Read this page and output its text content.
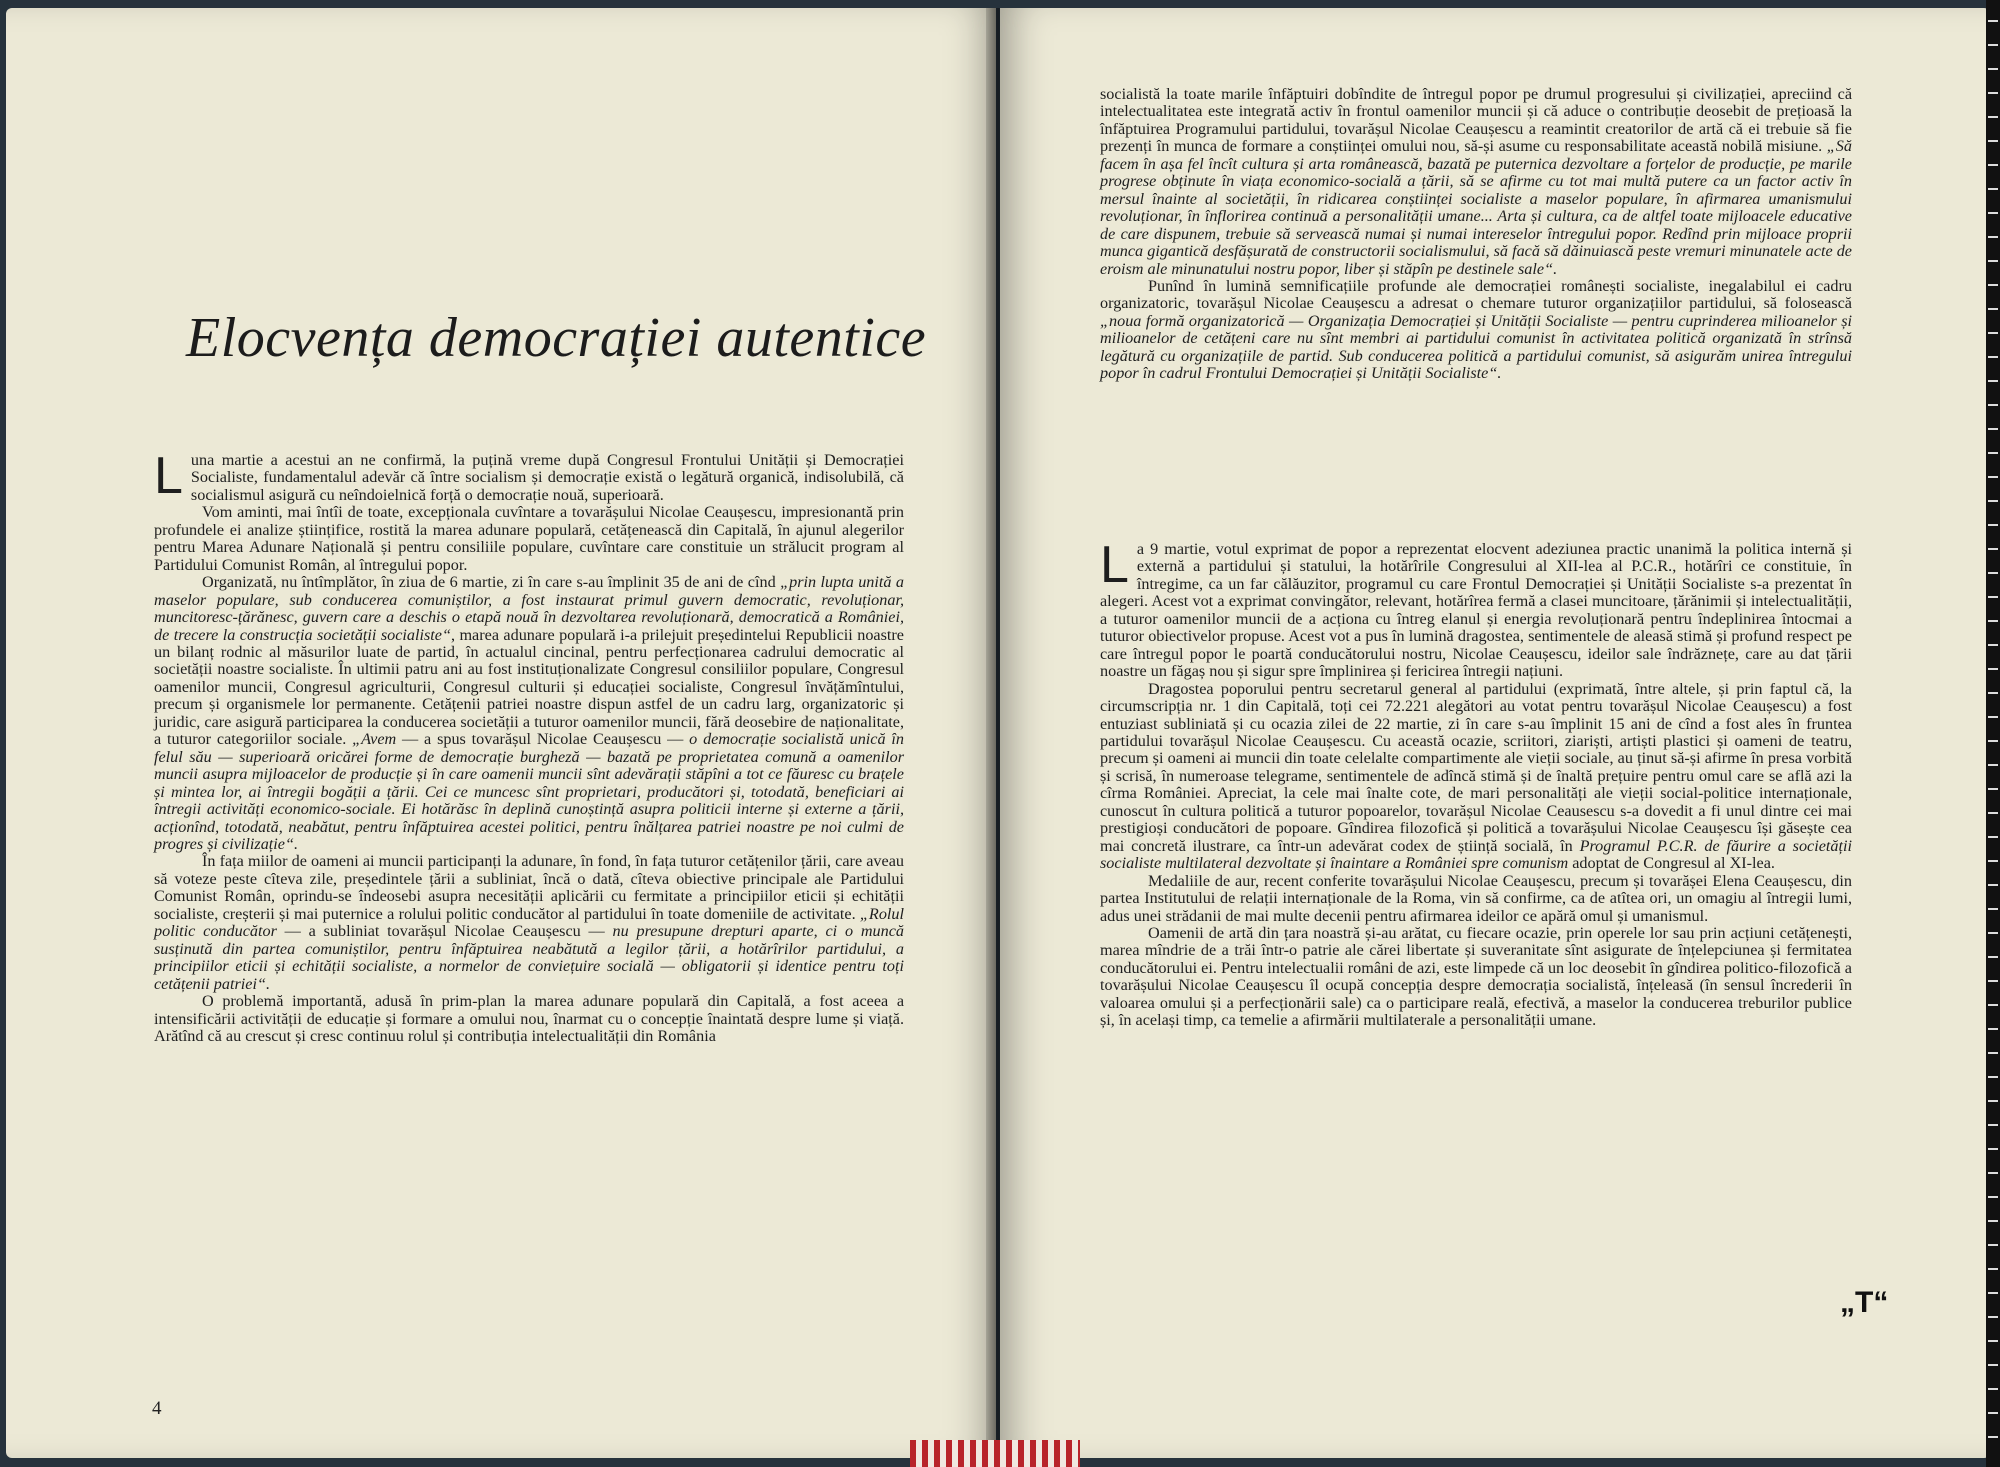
Elocvența democrației autentice

Luna martie a acestui an ne confirmă, la puțină vreme după Congresul Frontului Unității și Democrației Socialiste, fundamentalul adevăr că între socialism și democrație există o legătură organică, indisolubilă, că socialismul asigură cu neîndoielnică forță o democrație nouă, superioară.

Vom aminti, mai întîi de toate, excepționala cuvîntare a tovarășului Nicolae Ceaușescu, impresionantă prin profundele ei analize științifice, rostită la marea adunare populară, cetățenească din Capitală, în ajunul alegerilor pentru Marea Adunare Națională și pentru consiliile populare, cuvîntare care constituie un strălucit program al Partidului Comunist Român, al întregului popor.

Organizată, nu întîmplător, în ziua de 6 martie, zi în care s-au împlinit 35 de ani de cînd „prin lupta unită a maselor populare, sub conducerea comuniștilor, a fost instaurat primul guvern democratic, revoluționar, muncitoresc-țărănesc, guvern care a deschis o etapă nouă în dezvoltarea revoluționară, democratică a României, de trecere la construcția societății socialiste“, marea adunare populară i-a prilejuit președintelui Republicii noastre un bilanț rodnic al măsurilor luate de partid, în actualul cincinal, pentru perfecționarea cadrului democratic al societății noastre socialiste. În ultimii patru ani au fost instituționalizate Congresul consiliilor populare, Congresul oamenilor muncii, Congresul agriculturii, Congresul culturii și educației socialiste, Congresul învățămîntului, precum și organismele lor permanente. Cetățenii patriei noastre dispun astfel de un cadru larg, organizatoric și juridic, care asigură participarea la conducerea societății a tuturor oamenilor muncii, fără deosebire de naționalitate, a tuturor categoriilor sociale. „Avem — a spus tovarășul Nicolae Ceaușescu — o democrație socialistă unică în felul său — superioară oricărei forme de democrație burgheză — bazată pe proprietatea comună a oamenilor muncii asupra mijloacelor de producție și în care oamenii muncii sînt adevărații stăpîni a tot ce făuresc cu brațele și mintea lor, ai întregii bogății a țării. Cei ce muncesc sînt proprietari, producători și, totodată, beneficiari ai întregii activități economico-sociale. Ei hotărăsc în deplină cunoștință asupra politicii interne și externe a țării, acționînd, totodată, neabătut, pentru înfăptuirea acestei politici, pentru înălțarea patriei noastre pe noi culmi de progres și civilizație“.

În fața miilor de oameni ai muncii participanți la adunare, în fond, în fața tuturor cetățenilor țării, care aveau să voteze peste cîteva zile, președintele țării a subliniat, încă o dată, cîteva obiective principale ale Partidului Comunist Român, oprindu-se îndeosebi asupra necesității aplicării cu fermitate a principiilor eticii și echității socialiste, creșterii și mai puternice a rolului politic conducător al partidului în toate domeniile de activitate. „Rolul politic conducător — a subliniat tovarășul Nicolae Ceaușescu — nu presupune drepturi aparte, ci o muncă susținută din partea comuniștilor, pentru înfăptuirea neabătută a legilor țării, a hotărîrilor partidului, a principiilor eticii și echității socialiste, a normelor de conviețuire socială — obligatorii și identice pentru toți cetățenii patriei“.

O problemă importantă, adusă în prim-plan la marea adunare populară din Capitală, a fost aceea a intensificării activității de educație și formare a omului nou, înarmat cu o concepție înaintată despre lume și viață. Arătînd că au crescut și cresc continuu rolul și contribuția intelectualității din România

4

socialistă la toate marile înfăptuiri dobîndite de întregul popor pe drumul progresului și civilizației, apreciind că intelectualitatea este integrată activ în frontul oamenilor muncii și că aduce o contribuție deosebit de prețioasă la înfăptuirea Programului partidului, tovarășul Nicolae Ceaușescu a reamintit creatorilor de artă că ei trebuie să fie prezenți în munca de formare a conștiinței omului nou, să-și asume cu responsabilitate această nobilă misiune. „Să facem în așa fel încît cultura și arta românească, bazată pe puternica dezvoltare a forțelor de producție, pe marile progrese obținute în viața economico-socială a țării, să se afirme cu tot mai multă putere ca un factor activ în mersul înainte al societății, în ridicarea conștiinței socialiste a maselor populare, în afirmarea umanismului revoluționar, în înflorirea continuă a personalității umane... Arta și cultura, ca de altfel toate mijloacele educative de care dispunem, trebuie să servească numai și numai intereselor întregului popor. Redînd prin mijloace proprii munca gigantică desfășurată de constructorii socialismului, să facă să dăinuiască peste vremuri minunatele acte de eroism ale minunatului nostru popor, liber și stăpîn pe destinele sale“.

Punînd în lumină semnificațiile profunde ale democrației românești socialiste, inegalabilul ei cadru organizatoric, tovarășul Nicolae Ceaușescu a adresat o chemare tuturor organizațiilor partidului, să folosească „noua formă organizatorică — Organizația Democrației și Unității Socialiste — pentru cuprinderea milioanelor și milioanelor de cetățeni care nu sînt membri ai partidului comunist în activitatea politică organizată în strînsă legătură cu organizațiile de partid. Sub conducerea politică a partidului comunist, să asigurăm unirea întregului popor în cadrul Frontului Democrației și Unității Socialiste“.

La 9 martie, votul exprimat de popor a reprezentat elocvent adeziunea practic unanimă la politica internă și externă a partidului și statului, la hotărîrile Congresului al XII-lea al P.C.R., hotărîri ce constituie, în întregime, ca un far călăuzitor, programul cu care Frontul Democrației și Unității Socialiste s-a prezentat în alegeri. Acest vot a exprimat convingător, relevant, hotărîrea fermă a clasei muncitoare, țărănimii și intelectualității, a tuturor oamenilor muncii de a acționa cu întreg elanul și energia revoluționară pentru îndeplinirea întocmai a tuturor obiectivelor propuse. Acest vot a pus în lumină dragostea, sentimentele de aleasă stimă și profund respect pe care întregul popor le poartă conducătorului nostru, Nicolae Ceaușescu, ideilor sale îndrăznețe, care au dat țării noastre un făgaș nou și sigur spre împlinirea și fericirea întregii națiuni.

Dragostea poporului pentru secretarul general al partidului (exprimată, între altele, și prin faptul că, la circumscripția nr. 1 din Capitală, toți cei 72.221 alegători au votat pentru tovarășul Nicolae Ceaușescu) a fost entuziast subliniată și cu ocazia zilei de 22 martie, zi în care s-au împlinit 15 ani de cînd a fost ales în fruntea partidului tovarășul Nicolae Ceaușescu. Cu această ocazie, scriitori, ziariști, artiști plastici și oameni de teatru, precum și oameni ai muncii din toate celelalte compartimente ale vieții sociale, au ținut să-și afirme în presa vorbită și scrisă, în numeroase telegrame, sentimentele de adîncă stimă și de înaltă prețuire pentru omul care se află azi la cîrma României. Apreciat, la cele mai înalte cote, de mari personalități ale vieții social-politice internaționale, cunoscut în cultura politică a tuturor popoarelor, tovarășul Nicolae Ceausescu s-a dovedit a fi unul dintre cei mai prestigioși conducători de popoare. Gîndirea filozofică și politică a tovarășului Nicolae Ceaușescu își găsește cea mai concretă ilustrare, ca într-un adevărat codex de știință socială, în Programul P.C.R. de făurire a societății socialiste multilateral dezvoltate și înaintare a României spre comunism adoptat de Congresul al XI-lea.

Medaliile de aur, recent conferite tovarășului Nicolae Ceaușescu, precum și tovarășei Elena Ceaușescu, din partea Institutului de relații internaționale de la Roma, vin să confirme, ca de atîtea ori, un omagiu al întregii lumi, adus unei strădanii de mai multe decenii pentru afirmarea ideilor ce apără omul și umanismul.

Oamenii de artă din țara noastră și-au arătat, cu fiecare ocazie, prin operele lor sau prin acțiuni cetățenești, marea mîndrie de a trăi într-o patrie ale cărei libertate și suveranitate sînt asigurate de înțelepciunea și fermitatea conducătorului ei. Pentru intelectualii români de azi, este limpede că un loc deosebit în gîndirea politico-filozofică a tovarășului Nicolae Ceaușescu îl ocupă concepția despre democrația socialistă, înțeleasă (în sensul încrederii în valoarea omului și a perfecționării sale) ca o participare reală, efectivă, a maselor la conducerea treburilor publice și, în același timp, ca temelie a afirmării multilaterale a personalității umane.

„T“
